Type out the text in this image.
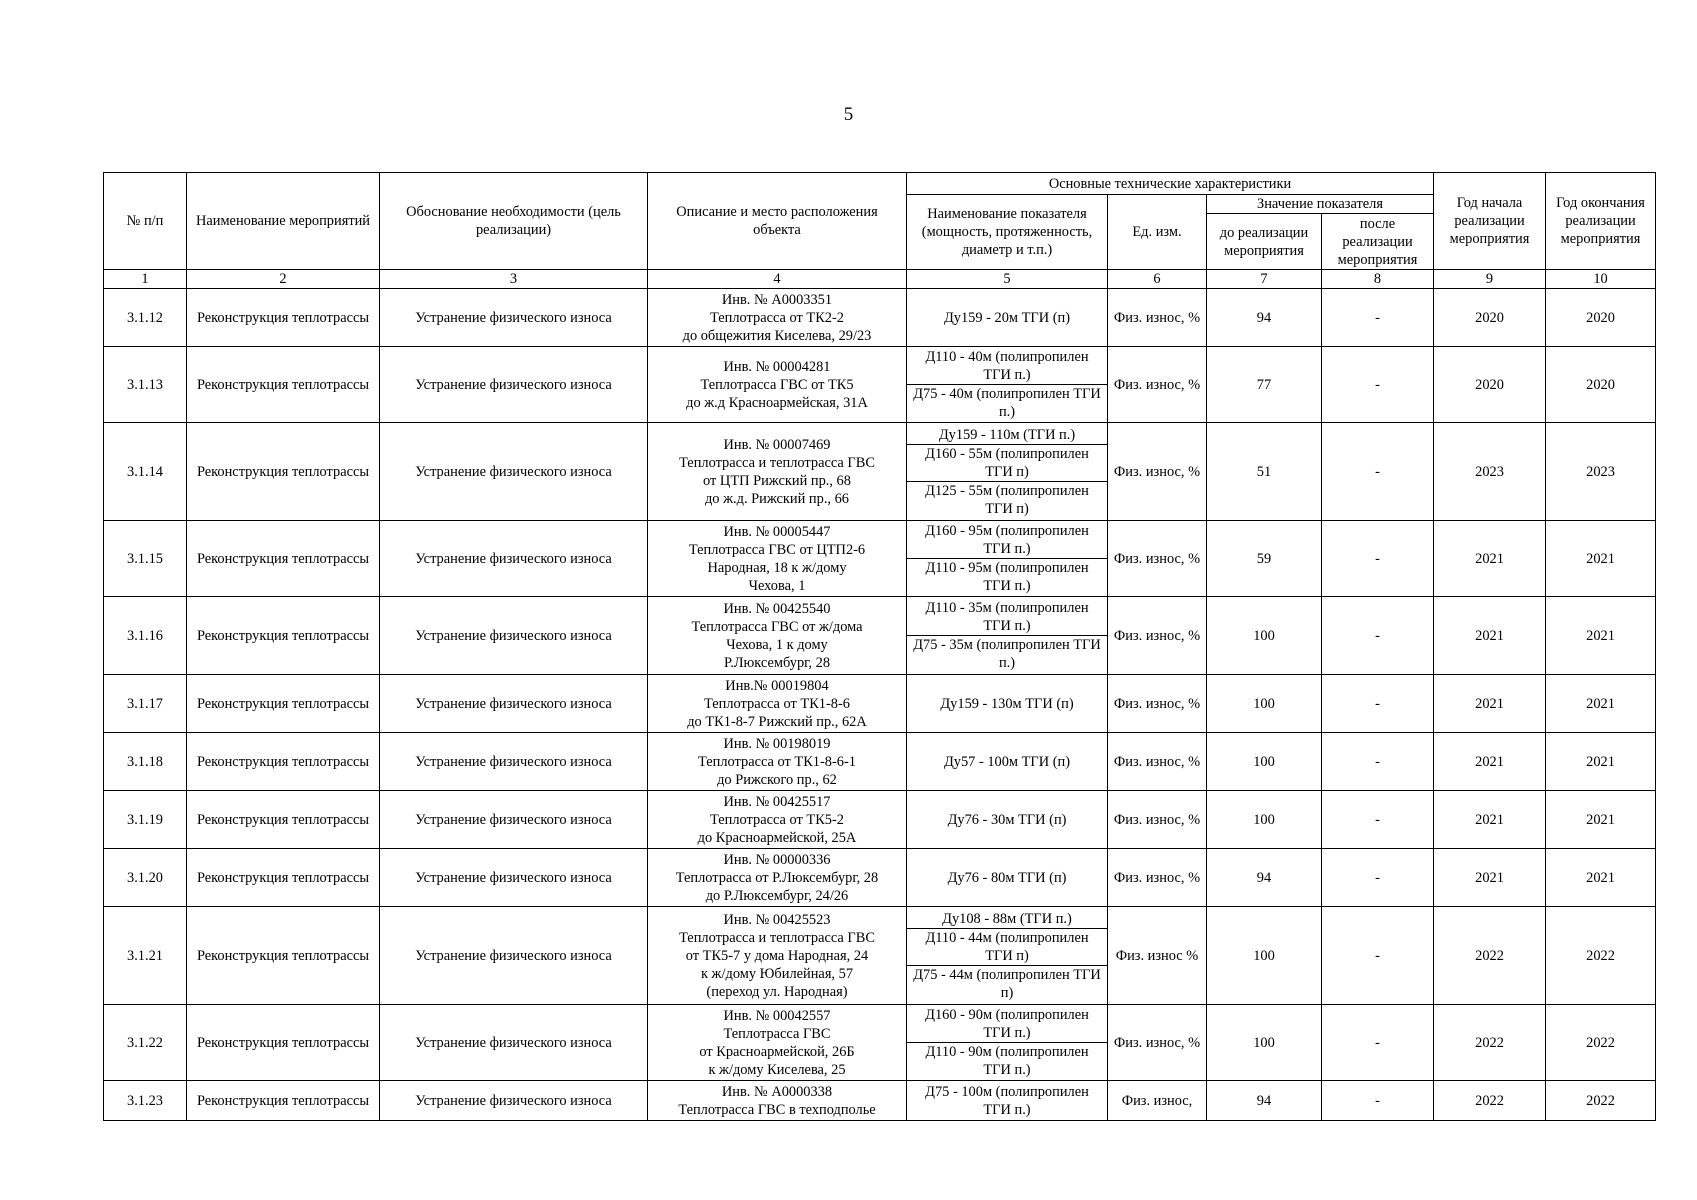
5
№ п/п	Наименование мероприятий	Обоснование необходимости (цель реализации)	Описание и место расположения объекта	Основные технические характеристики				Год начала реализации мероприятия	Год окончания реализации мероприятия
				Наименование показателя (мощность, протяженность, диаметр и т.п.)	Ед. изм.	Значение показателя			
						до реализации мероприятия	после реализации мероприятия		
1	2	3	4	5	6	7	8	9	10
3.1.12	Реконструкция теплотрассы	Устранение физического износа	Инв. № А0003351
Теплотрасса от ТК2-2
до общежития Киселева, 29/23	Ду159 - 20м ТГИ (п)	Физ. износ, %	94	-	2020	2020
3.1.13	Реконструкция теплотрассы	Устранение физического износа	Инв. № 00004281
Теплотрасса ГВС от ТК5
до ж.д Красноармейская, 31А	Д110 - 40м (полипропилен ТГИ п.)
Д75 - 40м (полипропилен ТГИ п.)	Физ. износ, %	77	-	2020	2020
3.1.14	Реконструкция теплотрассы	Устранение физического износа	Инв. № 00007469
Теплотрасса и теплотрасса ГВС
от ЦТП Рижский пр., 68
до ж.д. Рижский пр., 66	Ду159 - 110м (ТГИ п.)
Д160 - 55м (полипропилен ТГИ п)
Д125 - 55м (полипропилен ТГИ п)	Физ. износ, %	51	-	2023	2023
3.1.15	Реконструкция теплотрассы	Устранение физического износа	Инв. № 00005447
Теплотрасса ГВС от ЦТП2-6
Народная, 18 к ж/дому
Чехова, 1	Д160 - 95м (полипропилен ТГИ п.)
Д110 - 95м (полипропилен ТГИ п.)	Физ. износ, %	59	-	2021	2021
3.1.16	Реконструкция теплотрассы	Устранение физического износа	Инв. № 00425540
Теплотрасса ГВС от ж/дома
Чехова, 1 к дому
Р.Люксембург, 28	Д110 - 35м (полипропилен ТГИ п.)
Д75 - 35м (полипропилен ТГИ п.)	Физ. износ, %	100	-	2021	2021
3.1.17	Реконструкция теплотрассы	Устранение физического износа	Инв.№ 00019804
Теплотрасса от ТК1-8-6
до ТК1-8-7 Рижский пр., 62А	Ду159 - 130м ТГИ (п)	Физ. износ, %	100	-	2021	2021
3.1.18	Реконструкция теплотрассы	Устранение физического износа	Инв. № 00198019
Теплотрасса от ТК1-8-6-1
до Рижского пр., 62	Ду57 - 100м ТГИ (п)	Физ. износ, %	100	-	2021	2021
3.1.19	Реконструкция теплотрассы	Устранение физического износа	Инв. № 00425517
Теплотрасса от ТК5-2
до Красноармейской, 25А	Ду76 - 30м ТГИ (п)	Физ. износ, %	100	-	2021	2021
3.1.20	Реконструкция теплотрассы	Устранение физического износа	Инв. № 00000336
Теплотрасса от Р.Люксембург, 28
до Р.Люксембург, 24/26	Ду76 - 80м ТГИ (п)	Физ. износ, %	94	-	2021	2021
3.1.21	Реконструкция теплотрассы	Устранение физического износа	Инв. № 00425523
Теплотрасса и теплотрасса ГВС
от ТК5-7 у дома Народная, 24
к ж/дому Юбилейная, 57
(переход ул. Народная)	Ду108 - 88м (ТГИ п.)
Д110 - 44м (полипропилен ТГИ п)
Д75 - 44м (полипропилен ТГИ п)	Физ. износ %	100	-	2022	2022
3.1.22	Реконструкция теплотрассы	Устранение физического износа	Инв. № 00042557
Теплотрасса ГВС
от Красноармейской, 26Б
к ж/дому Киселева, 25	Д160 - 90м (полипропилен ТГИ п.)
Д110 - 90м (полипропилен ТГИ п.)	Физ. износ, %	100	-	2022	2022
3.1.23	Реконструкция теплотрассы	Устранение физического износа	Инв. № А0000338
Теплотрасса ГВС в техподполье	Д75 - 100м (полипропилен ТГИ п.)	Физ. износ,	94	-	2022	2022
